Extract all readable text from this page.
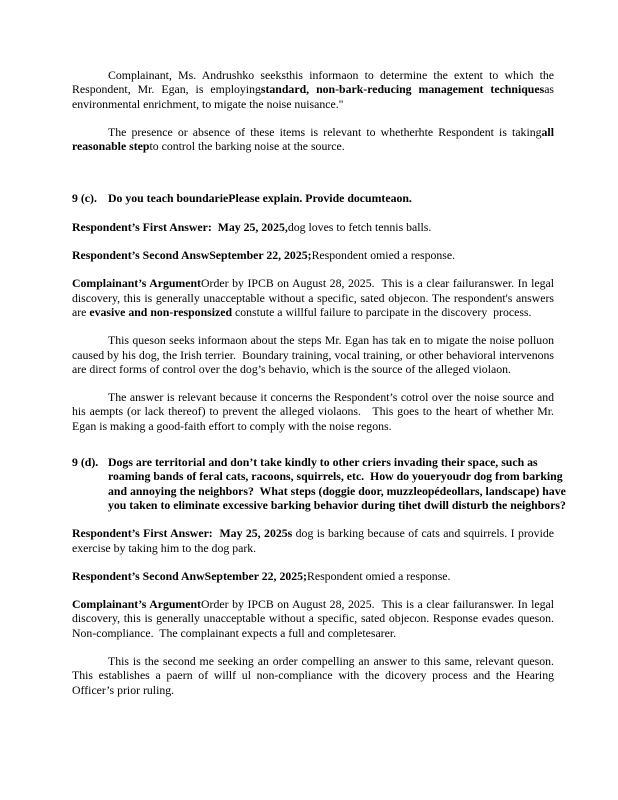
Complainant, Ms. Andrushko seeksthis informaon to determine the extent to which the Respondent, Mr. Egan, is employingstandard, non-bark-reducing management techniquesas environmental enrichment, to migate the noise nuisance."
The presence or absence of these items is relevant to whetherhte Respondent is takingall reasonable stepto control the barking noise at the source.
9 (c). Do you teach boundariePlease explain. Provide documteaon.
Respondent’s First Answer:  May 25, 2025,dog loves to fetch tennis balls.
Respondent’s Second AnswSeptember 22, 2025;Respondent omied a response.
Complainant’s ArgumentOrder by IPCB on August 28, 2025.  This is a clear failuranswer. In legal discovery, this is generally unacceptable without a specific, sated objecon. The respondent's answers are evasive and non-responsized constute a willful failure to parcipate in the discovery  process.
This queson seeks informaon about the steps Mr. Egan has tak en to migate the noise polluon caused by his dog, the Irish terrier.  Boundary training, vocal training, or other behavioral intervenons are direct forms of control over the dog’s behavio, which is the source of the alleged violaon.
The answer is relevant because it concerns the Respondent’s cotrol over the noise source and his aempts (or lack thereof) to prevent the alleged violaons.   This goes to the heart of whether Mr. Egan is making a good-faith effort to comply with the noise regons.
9 (d). Dogs are territorial and don’t take kindly to other criers invading their space, such as roaming bands of feral cats, racoons, squirrels, etc.  How do youeryoudr dog from barking and annoying the neighbors?  What steps (doggie door, muzzleopédeollars, landscape) have you taken to eliminate excessive barking behavior during tihet dwill disturb the neighbors?
Respondent’s First Answer:  May 25, 2025s dog is barking because of cats and squirrels. I provide exercise by taking him to the dog park.
Respondent’s Second AnwSeptember 22, 2025;Respondent omied a response.
Complainant’s ArgumentOrder by IPCB on August 28, 2025.  This is a clear failuranswer. In legal discovery, this is generally unacceptable without a specific, sated objecon. Response evades queson. Non-compliance.  The complainant expects a full and completesarer.
This is the second me seeking an order compelling an answer to this same, relevant queson. This establishes a paern of willf ul non-compliance with the dicovery process and the Hearing Officer’s prior ruling.
